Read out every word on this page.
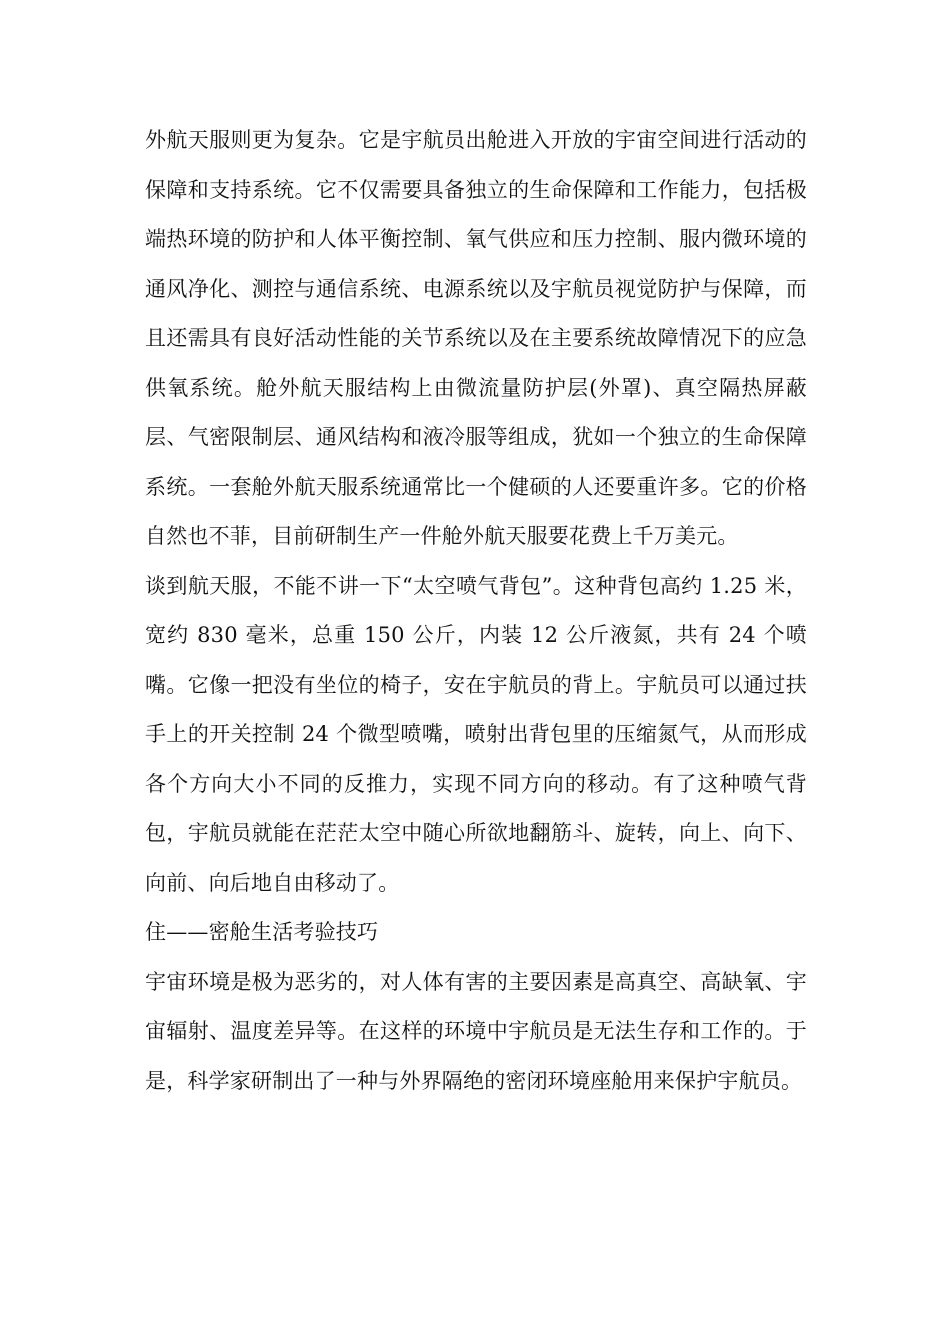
外航天服则更为复杂。它是宇航员出舱进入开放的宇宙空间进行活动的保障和支持系统。它不仅需要具备独立的生命保障和工作能力，包括极端热环境的防护和人体平衡控制、氧气供应和压力控制、服内微环境的通风净化、测控与通信系统、电源系统以及宇航员视觉防护与保障，而且还需具有良好活动性能的关节系统以及在主要系统故障情况下的应急供氧系统。舱外航天服结构上由微流量防护层(外罩)、真空隔热屏蔽层、气密限制层、通风结构和液冷服等组成，犹如一个独立的生命保障系统。一套舱外航天服系统通常比一个健硕的人还要重许多。它的价格自然也不菲，目前研制生产一件舱外航天服要花费上千万美元。

谈到航天服，不能不讲一下“太空喷气背包”。这种背包高约 1.25 米，宽约 830 毫米，总重 150 公斤，内装 12 公斤液氮，共有 24 个喷嘴。它像一把没有坐位的椅子，安在宇航员的背上。宇航员可以通过扶手上的开关控制 24 个微型喷嘴，喷射出背包里的压缩氮气，从而形成各个方向大小不同的反推力，实现不同方向的移动。有了这种喷气背包，宇航员就能在茫茫太空中随心所欲地翻筋斗、旋转，向上、向下、向前、向后地自由移动了。

住——密舱生活考验技巧

宇宙环境是极为恶劣的，对人体有害的主要因素是高真空、高缺氧、宇宙辐射、温度差异等。在这样的环境中宇航员是无法生存和工作的。于是，科学家研制出了一种与外界隔绝的密闭环境座舱用来保护宇航员。
